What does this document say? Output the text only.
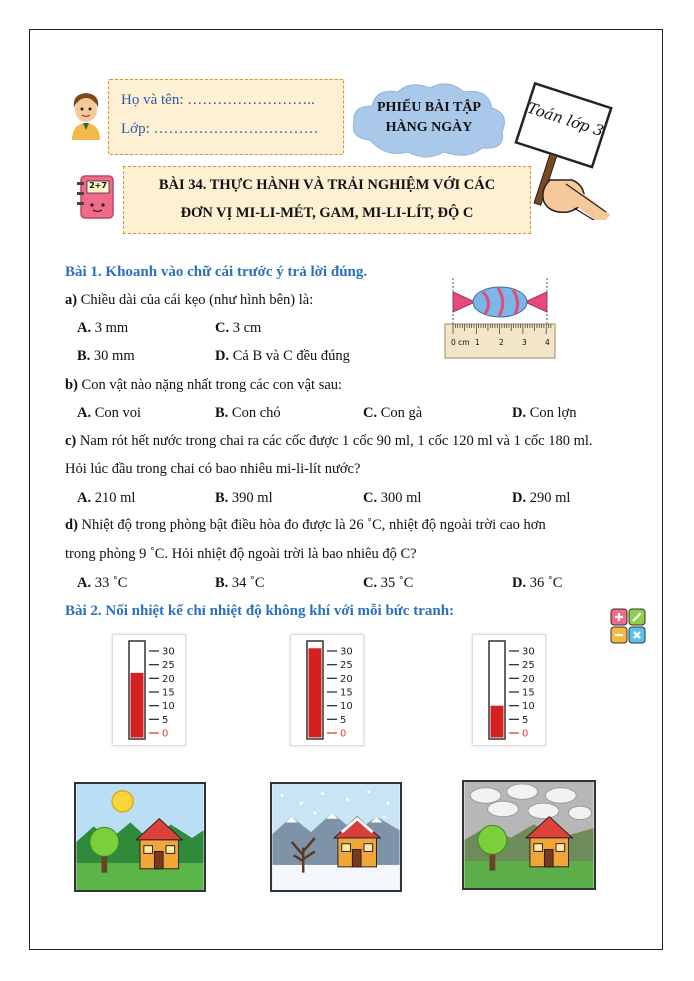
Họ và tên: ……………………..
Lớp: ……………………………
PHIẾU BÀI TẬP
HÀNG NGÀY	Toán lớp 3
2+7	BÀI 34. THỰC HÀNH VÀ TRẢI NGHIỆM VỚI CÁC
ĐƠN VỊ MI-LI-MÉT, GAM, MI-LI-LÍT, ĐỘ C
Bài 1. Khoanh vào chữ cái trước ý trả lời đúng.
0 cm 1	2 3 4
a) Chiều dài của cái kẹo (như hình bên) là:
A. 3 mm	C. 3 cm
B. 30 mm	D. Cả B và C đều đúng
b) Con vật nào nặng nhất trong các con vật sau:
A. Con voi	B. Con chó	C. Con gà	D. Con lợn
c) Nam rót hết nước trong chai ra các cốc được 1 cốc 90 ml, 1 cốc 120 ml và 1 cốc 180 ml.
Hỏi lúc đầu trong chai có bao nhiêu mi-li-lít nước?
A. 210 ml	B. 390 ml	C. 300 ml	D. 290 ml
d) Nhiệt độ trong phòng bật điều hòa đo được là 26 ˚C, nhiệt độ ngoài trời cao hơn
trong phòng 9 ˚C. Hỏi nhiệt độ ngoài trời là bao nhiêu độ C?
A. 33 ˚C	B. 34 ˚C	C. 35 ˚C	D. 36 ˚C
Bài 2. Nối nhiệt kế chỉ nhiệt độ không khí với mỗi bức tranh:
30
25
20
15
10
5
0
30
25
20
15
10
5
0
30
25
20
15
10
5
0
